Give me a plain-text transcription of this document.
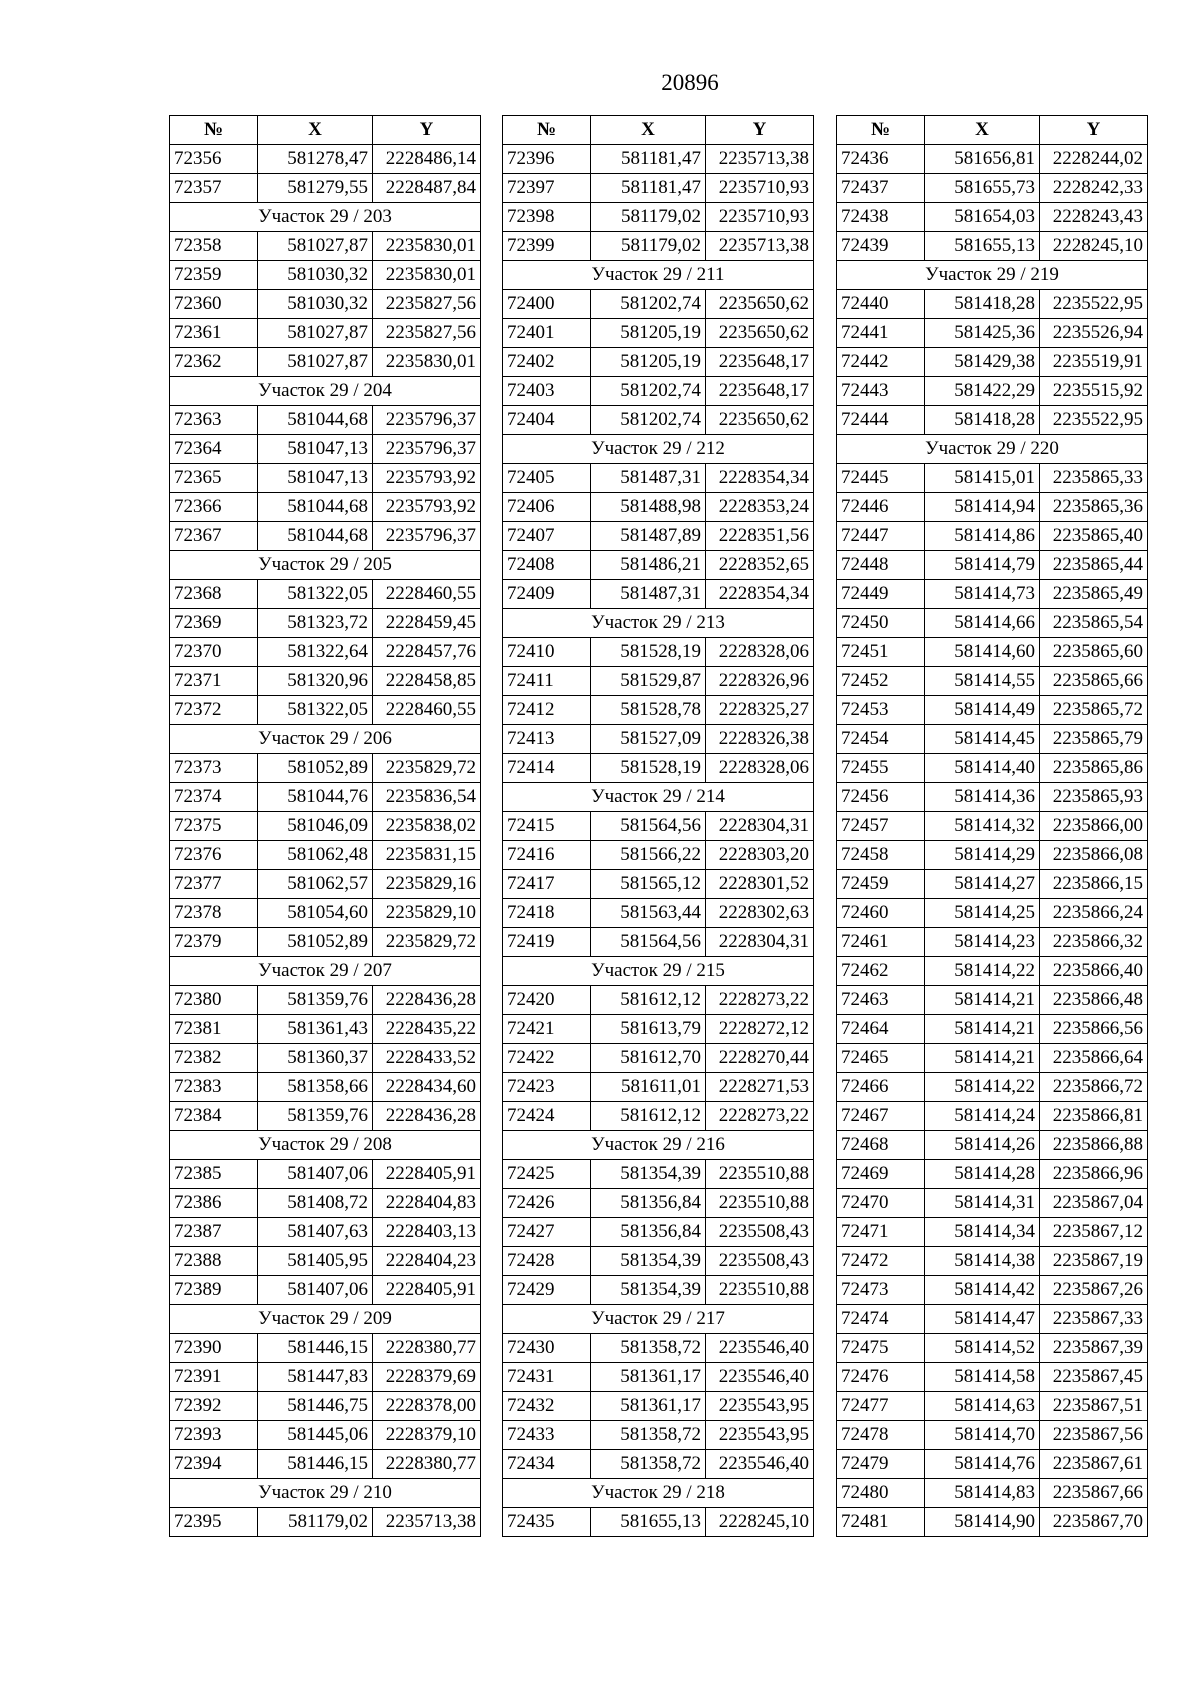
20896
№	X	Y
72356	581278,47	2228486,14
72357	581279,55	2228487,84
Участок 29 / 203		
72358	581027,87	2235830,01
72359	581030,32	2235830,01
72360	581030,32	2235827,56
72361	581027,87	2235827,56
72362	581027,87	2235830,01
Участок 29 / 204		
72363	581044,68	2235796,37
72364	581047,13	2235796,37
72365	581047,13	2235793,92
72366	581044,68	2235793,92
72367	581044,68	2235796,37
Участок 29 / 205		
72368	581322,05	2228460,55
72369	581323,72	2228459,45
72370	581322,64	2228457,76
72371	581320,96	2228458,85
72372	581322,05	2228460,55
Участок 29 / 206		
72373	581052,89	2235829,72
72374	581044,76	2235836,54
72375	581046,09	2235838,02
72376	581062,48	2235831,15
72377	581062,57	2235829,16
72378	581054,60	2235829,10
72379	581052,89	2235829,72
Участок 29 / 207		
72380	581359,76	2228436,28
72381	581361,43	2228435,22
72382	581360,37	2228433,52
72383	581358,66	2228434,60
72384	581359,76	2228436,28
Участок 29 / 208		
72385	581407,06	2228405,91
72386	581408,72	2228404,83
72387	581407,63	2228403,13
72388	581405,95	2228404,23
72389	581407,06	2228405,91
Участок 29 / 209		
72390	581446,15	2228380,77
72391	581447,83	2228379,69
72392	581446,75	2228378,00
72393	581445,06	2228379,10
72394	581446,15	2228380,77
Участок 29 / 210		
72395	581179,02	2235713,38
№	X	Y
72396	581181,47	2235713,38
72397	581181,47	2235710,93
72398	581179,02	2235710,93
72399	581179,02	2235713,38
Участок 29 / 211		
72400	581202,74	2235650,62
72401	581205,19	2235650,62
72402	581205,19	2235648,17
72403	581202,74	2235648,17
72404	581202,74	2235650,62
Участок 29 / 212		
72405	581487,31	2228354,34
72406	581488,98	2228353,24
72407	581487,89	2228351,56
72408	581486,21	2228352,65
72409	581487,31	2228354,34
Участок 29 / 213		
72410	581528,19	2228328,06
72411	581529,87	2228326,96
72412	581528,78	2228325,27
72413	581527,09	2228326,38
72414	581528,19	2228328,06
Участок 29 / 214		
72415	581564,56	2228304,31
72416	581566,22	2228303,20
72417	581565,12	2228301,52
72418	581563,44	2228302,63
72419	581564,56	2228304,31
Участок 29 / 215		
72420	581612,12	2228273,22
72421	581613,79	2228272,12
72422	581612,70	2228270,44
72423	581611,01	2228271,53
72424	581612,12	2228273,22
Участок 29 / 216		
72425	581354,39	2235510,88
72426	581356,84	2235510,88
72427	581356,84	2235508,43
72428	581354,39	2235508,43
72429	581354,39	2235510,88
Участок 29 / 217		
72430	581358,72	2235546,40
72431	581361,17	2235546,40
72432	581361,17	2235543,95
72433	581358,72	2235543,95
72434	581358,72	2235546,40
Участок 29 / 218		
72435	581655,13	2228245,10
№	X	Y
72436	581656,81	2228244,02
72437	581655,73	2228242,33
72438	581654,03	2228243,43
72439	581655,13	2228245,10
Участок 29 / 219		
72440	581418,28	2235522,95
72441	581425,36	2235526,94
72442	581429,38	2235519,91
72443	581422,29	2235515,92
72444	581418,28	2235522,95
Участок 29 / 220		
72445	581415,01	2235865,33
72446	581414,94	2235865,36
72447	581414,86	2235865,40
72448	581414,79	2235865,44
72449	581414,73	2235865,49
72450	581414,66	2235865,54
72451	581414,60	2235865,60
72452	581414,55	2235865,66
72453	581414,49	2235865,72
72454	581414,45	2235865,79
72455	581414,40	2235865,86
72456	581414,36	2235865,93
72457	581414,32	2235866,00
72458	581414,29	2235866,08
72459	581414,27	2235866,15
72460	581414,25	2235866,24
72461	581414,23	2235866,32
72462	581414,22	2235866,40
72463	581414,21	2235866,48
72464	581414,21	2235866,56
72465	581414,21	2235866,64
72466	581414,22	2235866,72
72467	581414,24	2235866,81
72468	581414,26	2235866,88
72469	581414,28	2235866,96
72470	581414,31	2235867,04
72471	581414,34	2235867,12
72472	581414,38	2235867,19
72473	581414,42	2235867,26
72474	581414,47	2235867,33
72475	581414,52	2235867,39
72476	581414,58	2235867,45
72477	581414,63	2235867,51
72478	581414,70	2235867,56
72479	581414,76	2235867,61
72480	581414,83	2235867,66
72481	581414,90	2235867,70
